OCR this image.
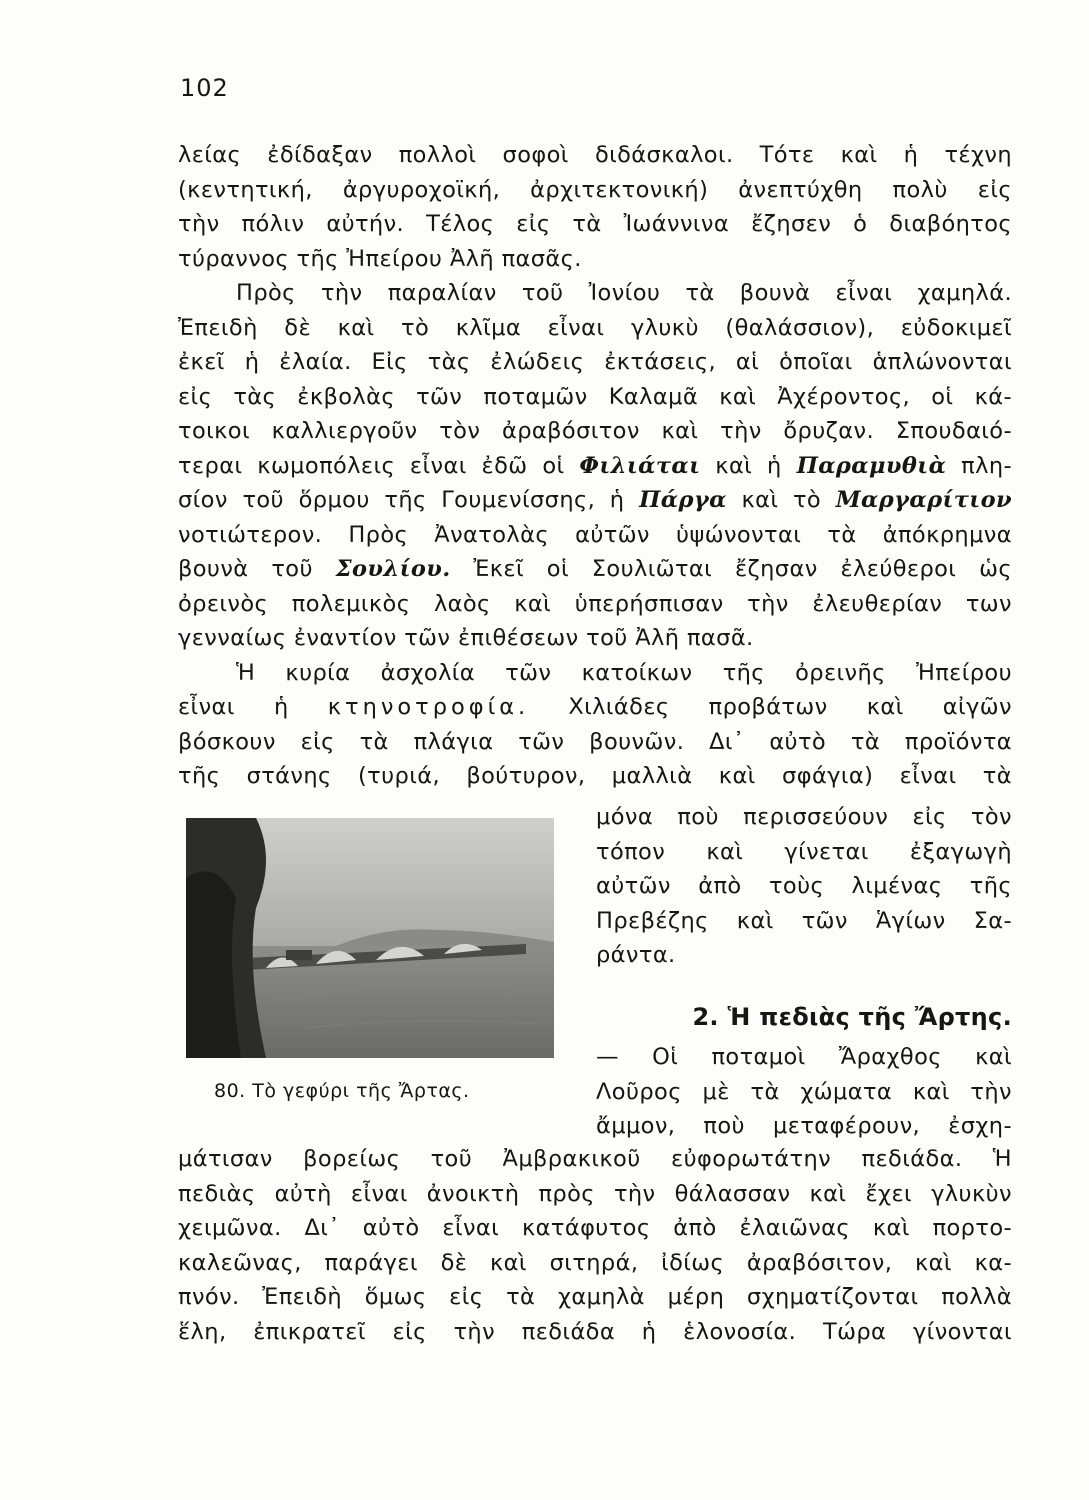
102
λείας ἐδίδαξαν πολλοὶ σοφοὶ διδάσκαλοι. Τότε καὶ ἡ τέχνη
(κεντητική, ἀργυροχοϊκή, ἀρχιτεκτονική) ἀνεπτύχθη πολὺ εἰς
τὴν πόλιν αὐτήν. Τέλος εἰς τὰ Ἰωάννινα ἔζησεν ὁ διαβόητος
τύραννος τῆς Ἠπείρου Ἀλῆ πασᾶς.
Πρὸς τὴν παραλίαν τοῦ Ἰονίου τὰ βουνὰ εἶναι χαμηλά.
Ἐπειδὴ δὲ καὶ τὸ κλῖμα εἶναι γλυκὺ (θαλάσσιον), εὐδοκιμεῖ
ἐκεῖ ἡ ἐλαία. Εἰς τὰς ἐλώδεις ἐκτάσεις, αἱ ὁποῖαι ἁπλώνονται
εἰς τὰς ἐκβολὰς τῶν ποταμῶν Καλαμᾶ καὶ Ἀχέροντος, οἱ κά-
τοικοι καλλιεργοῦν τὸν ἀραβόσιτον καὶ τὴν ὄρυζαν. Σπουδαιό-
τεραι κωμοπόλεις εἶναι ἐδῶ οἱ Φιλιάται καὶ ἡ Παραμυθιὰ πλη-
σίον τοῦ ὅρμου τῆς Γουμενίσσης, ἡ Πάργα καὶ τὸ Μαργαρίτιον
νοτιώτερον. Πρὸς Ἀνατολὰς αὐτῶν ὑψώνονται τὰ ἀπόκρημνα
βουνὰ τοῦ Σουλίου. Ἐκεῖ οἱ Σουλιῶται ἔζησαν ἐλεύθεροι ὡς
ὀρεινὸς πολεμικὸς λαὸς καὶ ὑπερήσπισαν τὴν ἐλευθερίαν των
γενναίως ἐναντίον τῶν ἐπιθέσεων τοῦ Ἀλῆ πασᾶ.
Ἡ κυρία ἀσχολία τῶν κατοίκων τῆς ὀρεινῆς Ἠπείρου
εἶναι ἡ κτηνοτροφία. Χιλιάδες προβάτων καὶ αἰγῶν
βόσκουν εἰς τὰ πλάγια τῶν βουνῶν. Δι᾿ αὐτὸ τὰ προϊόντα
τῆς στάνης (τυριά, βούτυρον, μαλλιὰ καὶ σφάγια) εἶναι τὰ
80. Τὸ γεφύρι τῆς Ἄρτας.
μόνα ποὺ περισσεύουν εἰς τὸν
τόπον καὶ γίνεται ἐξαγωγὴ
αὐτῶν ἀπὸ τοὺς λιμένας τῆς
Πρεβέζης καὶ τῶν Ἁγίων Σα-
ράντα.
2. Ἡ πεδιὰς τῆς Ἄρτης.
— Οἱ ποταμοὶ Ἄραχθος καὶ
Λοῦρος μὲ τὰ χώματα καὶ τὴν
ἄμμον, ποὺ μεταφέρουν, ἐσχη-
μάτισαν βορείως τοῦ Ἀμβρακικοῦ εὐφορωτάτην πεδιάδα. Ἡ
πεδιὰς αὐτὴ εἶναι ἀνοικτὴ πρὸς τὴν θάλασσαν καὶ ἔχει γλυκὺν
χειμῶνα. Δι᾿ αὐτὸ εἶναι κατάφυτος ἀπὸ ἐλαιῶνας καὶ πορτο-
καλεῶνας, παράγει δὲ καὶ σιτηρά, ἰδίως ἀραβόσιτον, καὶ κα-
πνόν. Ἐπειδὴ ὅμως εἰς τὰ χαμηλὰ μέρη σχηματίζονται πολλὰ
ἕλη, ἐπικρατεῖ εἰς τὴν πεδιάδα ἡ ἑλονοσία. Τώρα γίνονται
